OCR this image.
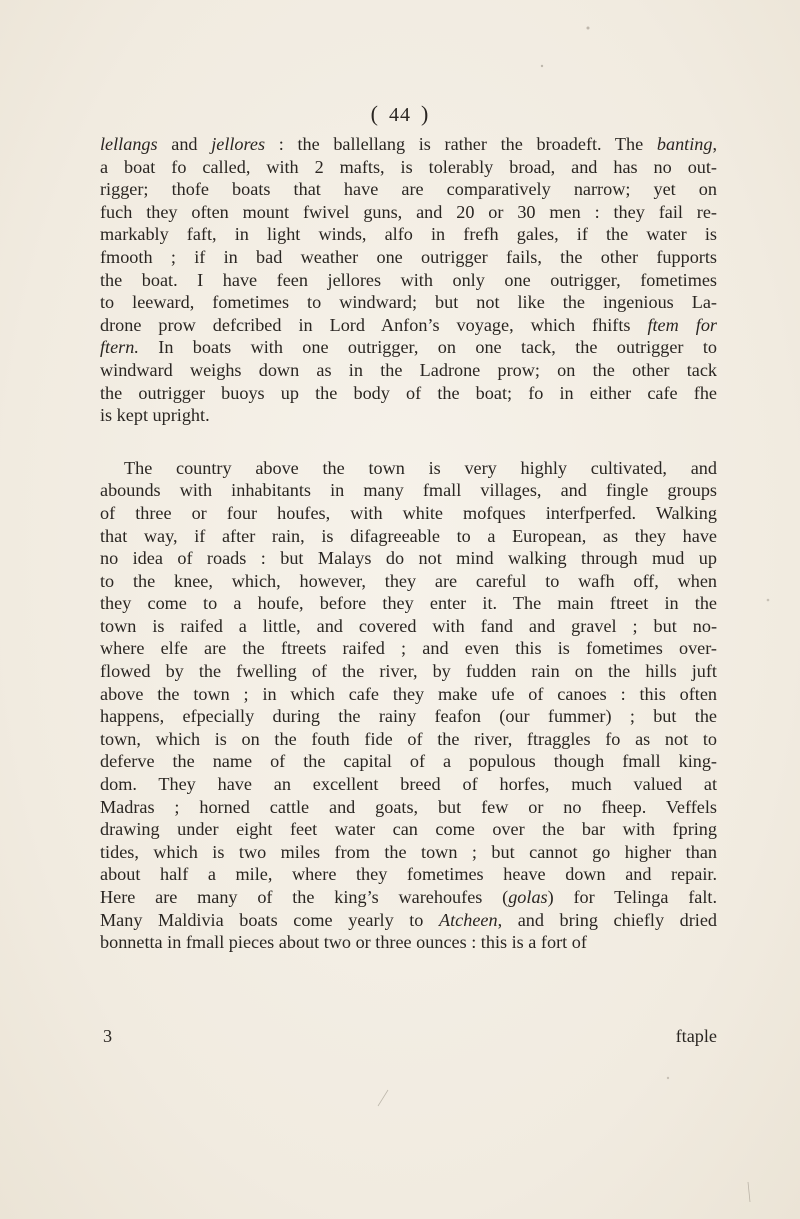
( 44 )
lellangs and jellores : the ballellang is rather the broadeft. The banting,
a boat fo called, with 2 mafts, is tolerably broad, and has no out-
rigger; thofe boats that have are comparatively narrow; yet on
fuch they often mount fwivel guns, and 20 or 30 men : they fail re-
markably faft, in light winds, alfo in frefh gales, if the water is
fmooth ; if in bad weather one outrigger fails, the other fupports
the boat. I have feen jellores with only one outrigger, fometimes
to leeward, fometimes to windward; but not like the ingenious La-
drone prow defcribed in Lord Anfon’s voyage, which fhifts ftem for
ftern. In boats with one outrigger, on one tack, the outrigger to
windward weighs down as in the Ladrone prow; on the other tack
the outrigger buoys up the body of the boat; fo in either cafe fhe
is kept upright.
The country above the town is very highly cultivated, and
abounds with inhabitants in many fmall villages, and fingle groups
of three or four houfes, with white mofques interfperfed. Walking
that way, if after rain, is difagreeable to a European, as they have
no idea of roads : but Malays do not mind walking through mud up
to the knee, which, however, they are careful to wafh off, when
they come to a houfe, before they enter it. The main ftreet in the
town is raifed a little, and covered with fand and gravel ; but no-
where elfe are the ftreets raifed ; and even this is fometimes over-
flowed by the fwelling of the river, by fudden rain on the hills juft
above the town ; in which cafe they make ufe of canoes : this often
happens, efpecially during the rainy feafon (our fummer) ; but the
town, which is on the fouth fide of the river, ftraggles fo as not to
deferve the name of the capital of a populous though fmall king-
dom. They have an excellent breed of horfes, much valued at
Madras ; horned cattle and goats, but few or no fheep. Veffels
drawing under eight feet water can come over the bar with fpring
tides, which is two miles from the town ; but cannot go higher than
about half a mile, where they fometimes heave down and repair.
Here are many of the king’s warehoufes (golas) for Telinga falt.
Many Maldivia boats come yearly to Atcheen, and bring chiefly dried
bonnetta in fmall pieces about two or three ounces : this is a fort of
3	ftaple
